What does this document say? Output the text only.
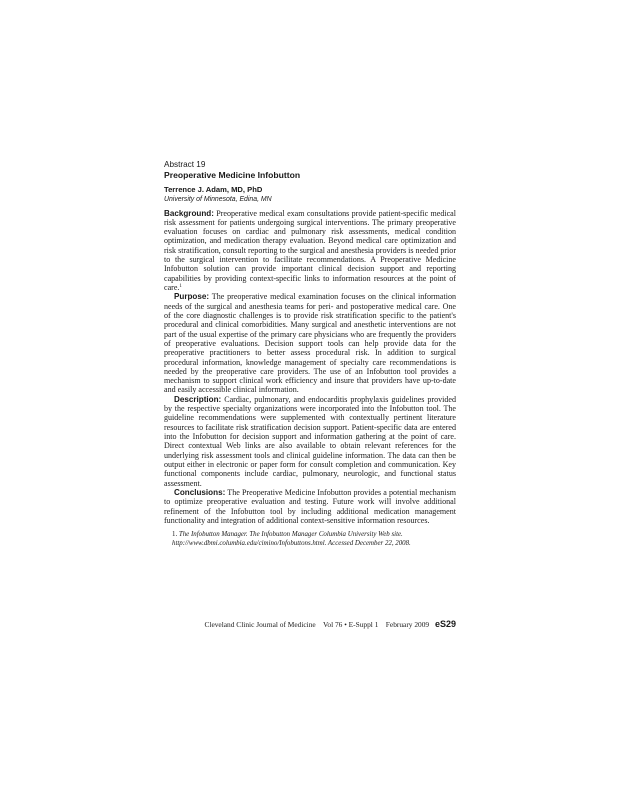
Abstract 19
Preoperative Medicine Infobutton
Terrence J. Adam, MD, PhD
University of Minnesota, Edina, MN

Background: Preoperative medical exam consultations provide patient-specific medical risk assessment for patients undergoing surgical interventions. The primary preoperative evaluation focuses on cardiac and pulmonary risk assessments, medical condition optimization, and medication therapy evaluation. Beyond medical care optimization and risk stratification, consult reporting to the surgical and anesthesia providers is needed prior to the surgical intervention to facilitate recommendations. A Preoperative Medicine Infobutton solution can provide important clinical decision support and reporting capabilities by providing context-specific links to information resources at the point of care.$^1$

Purpose: The preoperative medical examination focuses on the clinical information needs of the surgical and anesthesia teams for peri- and postoperative medical care. One of the core diagnostic challenges is to provide risk stratification specific to the patient's procedural and clinical comorbidities. Many surgical and anesthetic interventions are not part of the usual expertise of the primary care physicians who are frequently the providers of preoperative evaluations. Decision support tools can help provide data for the preoperative practitioners to better assess procedural risk. In addition to surgical procedural information, knowledge management of specialty care recommendations is needed by the preoperative care providers. The use of an Infobutton tool provides a mechanism to support clinical work efficiency and insure that providers have up-to-date and easily accessible clinical information.

Description: Cardiac, pulmonary, and endocarditis prophylaxis guidelines provided by the respective specialty organizations were incorporated into the Infobutton tool. The guideline recommendations were supplemented with contextually pertinent literature resources to facilitate risk stratification decision support. Patient-specific data are entered into the Infobutton for decision support and information gathering at the point of care. Direct contextual Web links are also available to obtain relevant references for the underlying risk assessment tools and clinical guideline information. The data can then be output either in electronic or paper form for consult completion and communication. Key functional components include cardiac, pulmonary, neurologic, and functional status assessment.

Conclusions: The Preoperative Medicine Infobutton provides a potential mechanism to optimize preoperative evaluation and testing. Future work will involve additional refinement of the Infobutton tool by including additional medication management functionality and integration of additional context-sensitive information resources.

1. The Infobutton Manager. The Infobutton Manager Columbia University Web site. http://www.dbmi.columbia.edu/cimino/Infobuttons.html. Accessed December 22, 2008.
Cleveland Clinic Journal of Medicine Vol 76 • E-Suppl 1 February 2009 eS29
